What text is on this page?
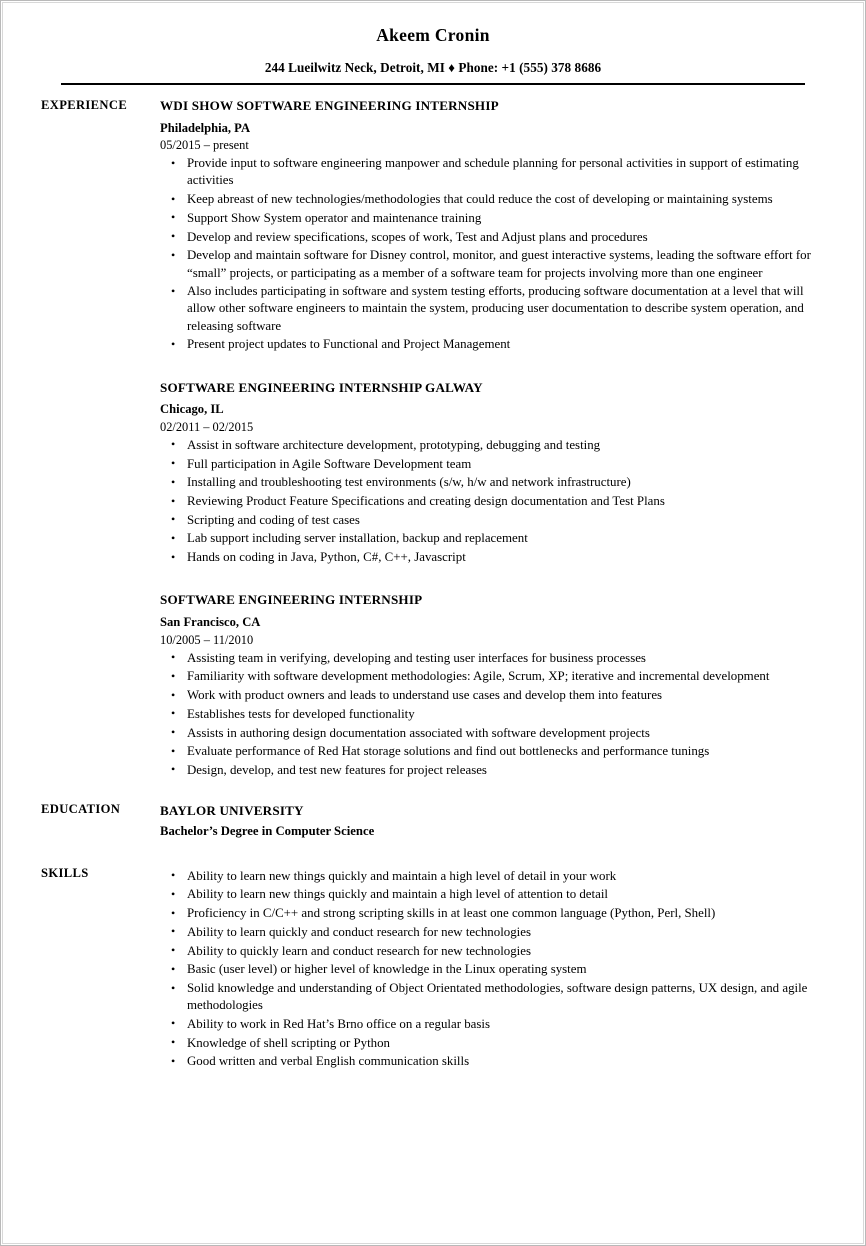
Akeem Cronin
244 Lueilwitz Neck, Detroit, MI ♦ Phone: +1 (555) 378 8686
EXPERIENCE	WDI SHOW SOFTWARE ENGINEERING INTERNSHIP
Philadelphia, PA
05/2015 – present
• Provide input to software engineering manpower and schedule planning for personal activities in support of estimating activities
• Keep abreast of new technologies/methodologies that could reduce the cost of developing or maintaining systems
• Support Show System operator and maintenance training
• Develop and review specifications, scopes of work, Test and Adjust plans and procedures
• Develop and maintain software for Disney control, monitor, and guest interactive systems, leading the software effort for “small” projects, or participating as a member of a software team for projects involving more than one engineer
• Also includes participating in software and system testing efforts, producing software documentation at a level that will allow other software engineers to maintain the system, producing user documentation to describe system operation, and releasing software
• Present project updates to Functional and Project Management
SOFTWARE ENGINEERING INTERNSHIP GALWAY
Chicago, IL
02/2011 – 02/2015
• Assist in software architecture development, prototyping, debugging and testing
• Full participation in Agile Software Development team
• Installing and troubleshooting test environments (s/w, h/w and network infrastructure)
• Reviewing Product Feature Specifications and creating design documentation and Test Plans
• Scripting and coding of test cases
• Lab support including server installation, backup and replacement
• Hands on coding in Java, Python, C#, C++, Javascript
SOFTWARE ENGINEERING INTERNSHIP
San Francisco, CA
10/2005 – 11/2010
• Assisting team in verifying, developing and testing user interfaces for business processes
• Familiarity with software development methodologies: Agile, Scrum, XP; iterative and incremental development
• Work with product owners and leads to understand use cases and develop them into features
• Establishes tests for developed functionality
• Assists in authoring design documentation associated with software development projects
• Evaluate performance of Red Hat storage solutions and find out bottlenecks and performance tunings
• Design, develop, and test new features for project releases
EDUCATION	BAYLOR UNIVERSITY
Bachelor’s Degree in Computer Science
SKILLS	• Ability to learn new things quickly and maintain a high level of detail in your work
• Ability to learn new things quickly and maintain a high level of attention to detail
• Proficiency in C/C++ and strong scripting skills in at least one common language (Python, Perl, Shell)
• Ability to learn quickly and conduct research for new technologies
• Ability to quickly learn and conduct research for new technologies
• Basic (user level) or higher level of knowledge in the Linux operating system
• Solid knowledge and understanding of Object Orientated methodologies, software design patterns, UX design, and agile methodologies
• Ability to work in Red Hat’s Brno office on a regular basis
• Knowledge of shell scripting or Python
• Good written and verbal English communication skills
